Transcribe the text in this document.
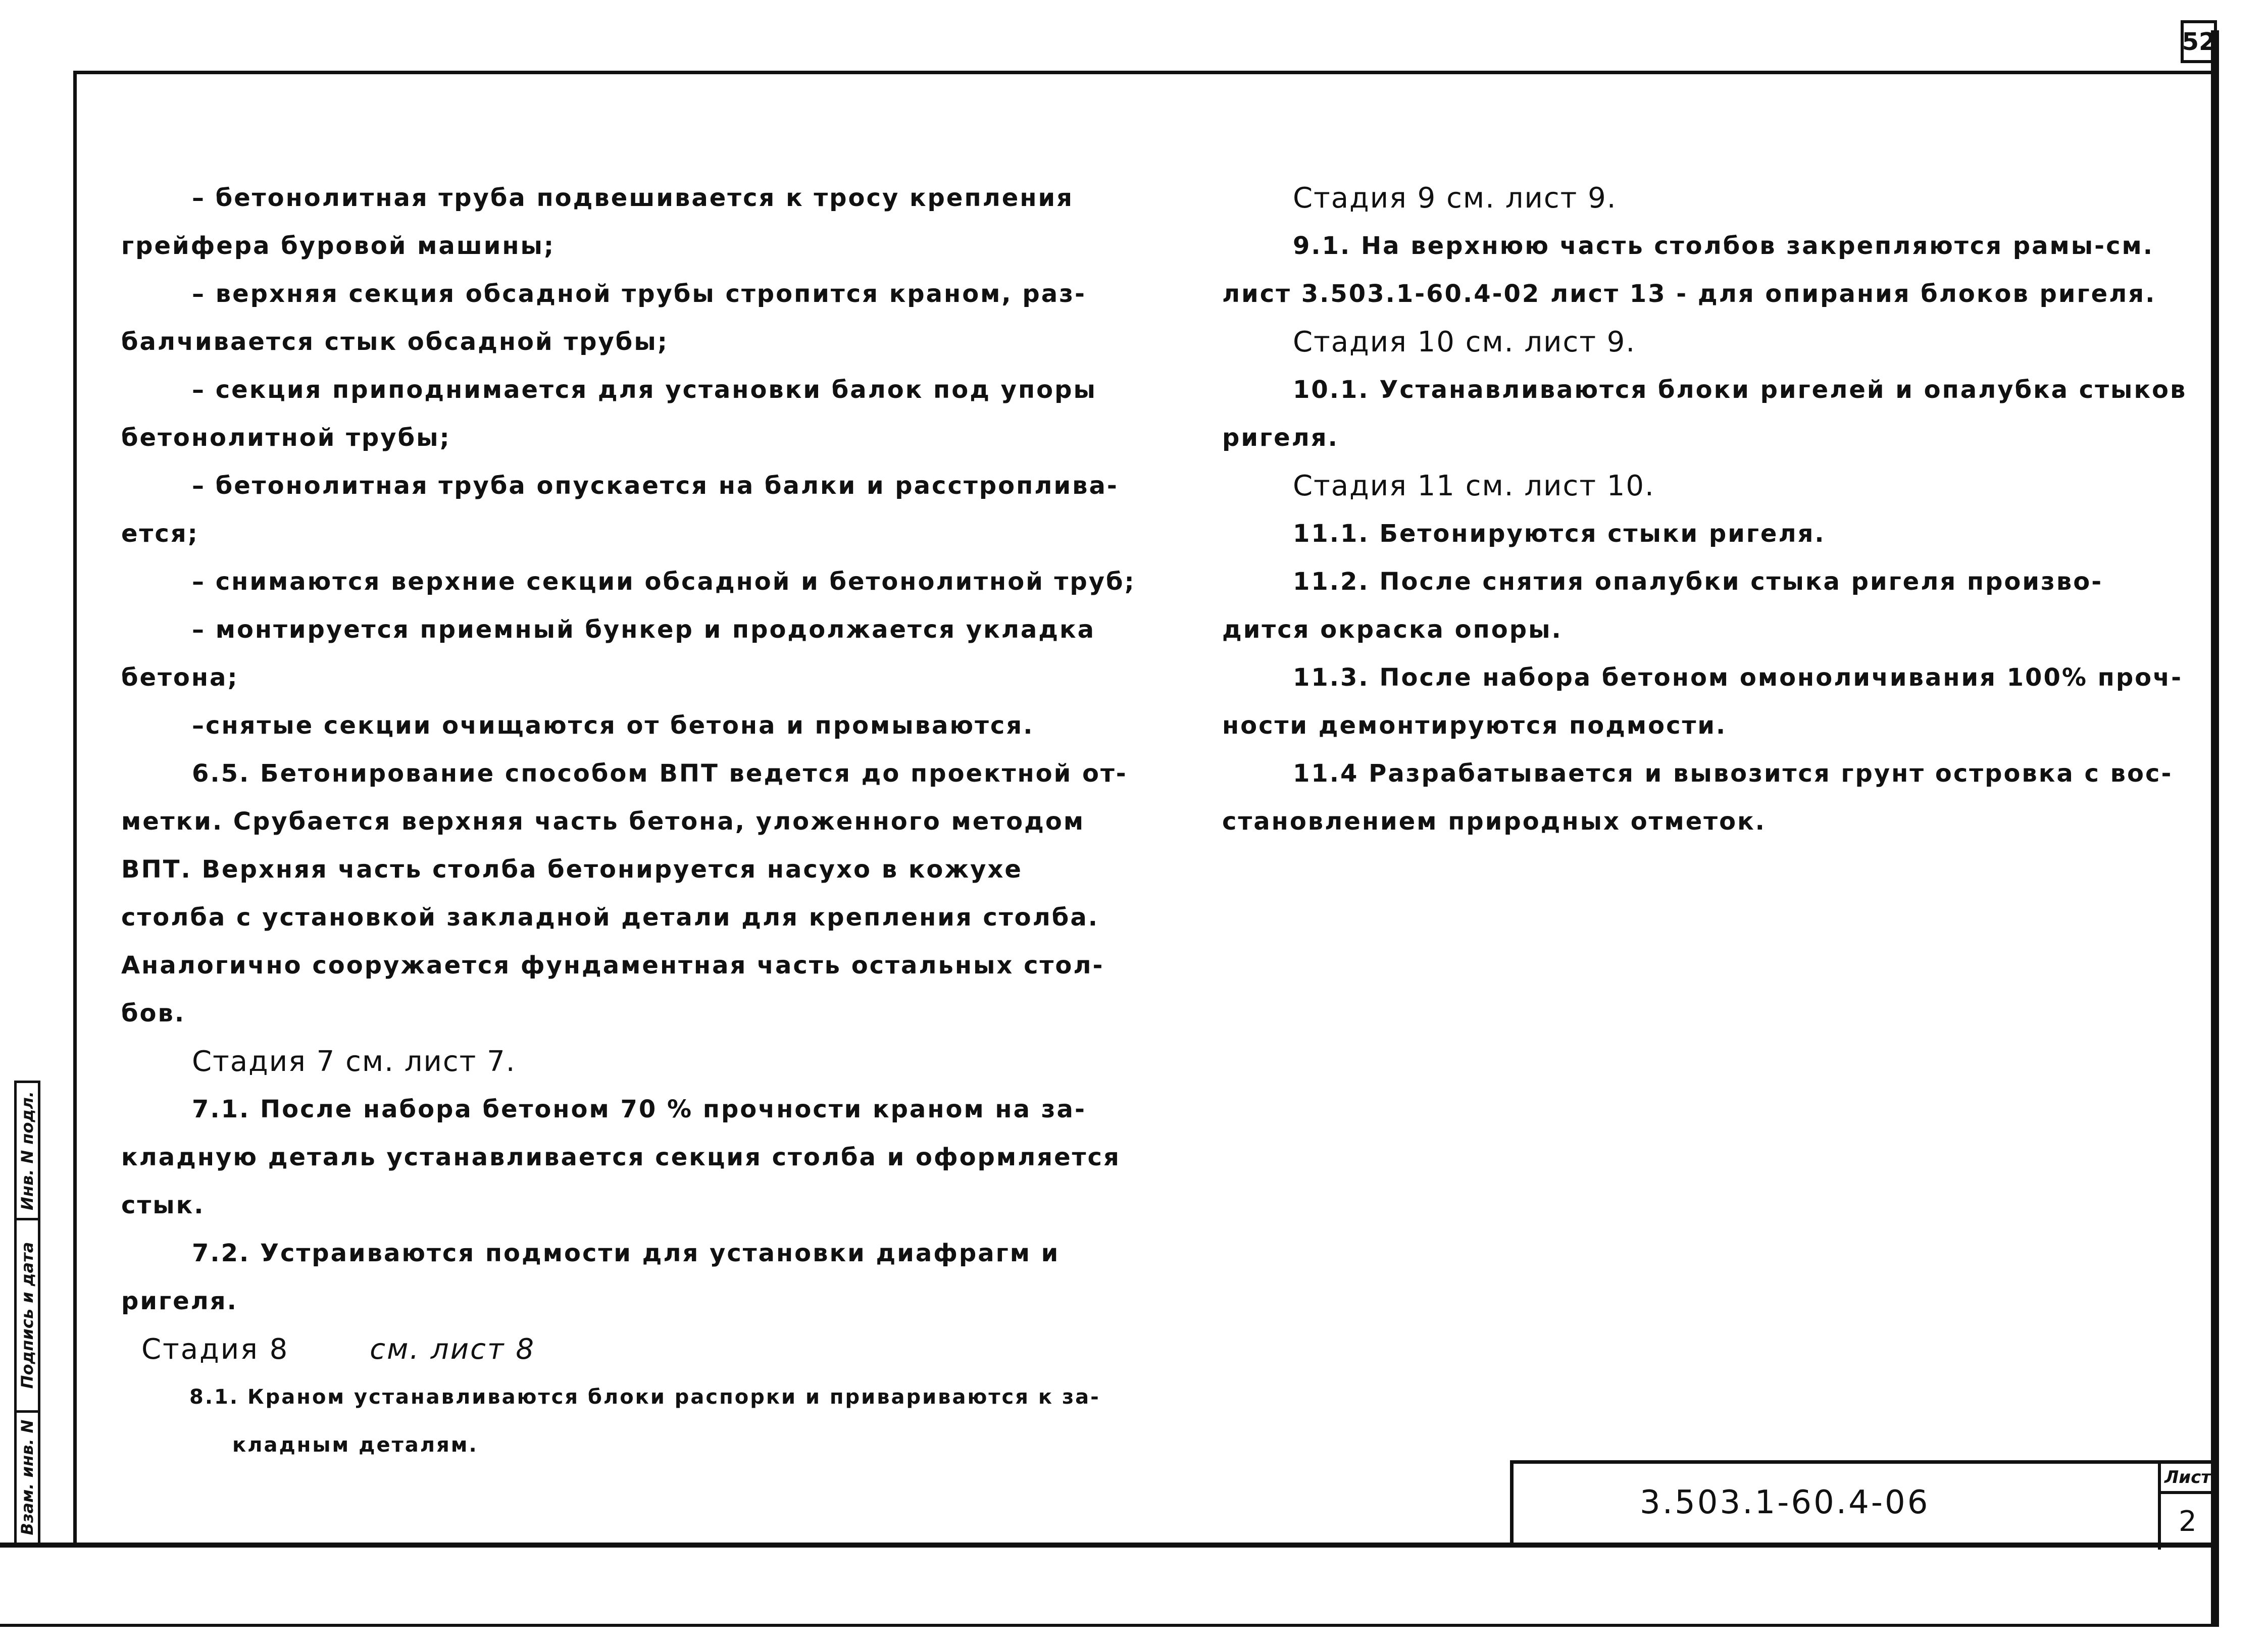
52
Инв. N подл.
Подпись и дата
Взам. инв. N

– бетонолитная труба подвешивается к тросу крепления

грейфера буровой машины;

– верхняя секция обсадной трубы стропится краном, раз-

балчивается стык обсадной трубы;

– секция приподнимается для установки балок под упоры

бетонолитной трубы;

– бетонолитная труба опускается на балки и расстроплива-

ется;

– снимаются верхние секции обсадной и бетонолитной труб;

– монтируется приемный бункер и продолжается укладка

бетона;

–снятые секции очищаются от бетона и промываются.

6.5. Бетонирование способом ВПТ ведется до проектной от-

метки. Срубается верхняя часть бетона, уложенного методом

ВПТ. Верхняя часть столба бетонируется насухо в кожухе

столба с установкой закладной детали для крепления столба.

Аналогично сооружается фундаментная часть остальных стол-

бов.

Стадия 7 см. лист 7.

7.1. После набора бетоном 70 % прочности краном на за-

кладную деталь устанавливается секция столба и оформляется

стык.

7.2. Устраиваются подмости для установки диафрагм и

ригеля.

Стадия 8	см. лист 8

8.1. Краном устанавливаются блоки распорки и привариваются к за-

кладным деталям.

Стадия 9 см. лист 9.

9.1. На верхнюю часть столбов закрепляются рамы-см.

лист 3.503.1-60.4-02 лист 13 - для опирания блоков ригеля.

Стадия 10 см. лист 9.

10.1. Устанавливаются блоки ригелей и опалубка стыков

ригеля.

Стадия 11 см. лист 10.

11.1. Бетонируются стыки ригеля.

11.2. После снятия опалубки стыка ригеля произво-

дится окраска опоры.

11.3. После набора бетоном омоноличивания 100% проч-

ности демонтируются подмости.

11.4 Разрабатывается и вывозится грунт островка с вос-

становлением природных отметок.

3.503.1-60.4-06
Лист
2
